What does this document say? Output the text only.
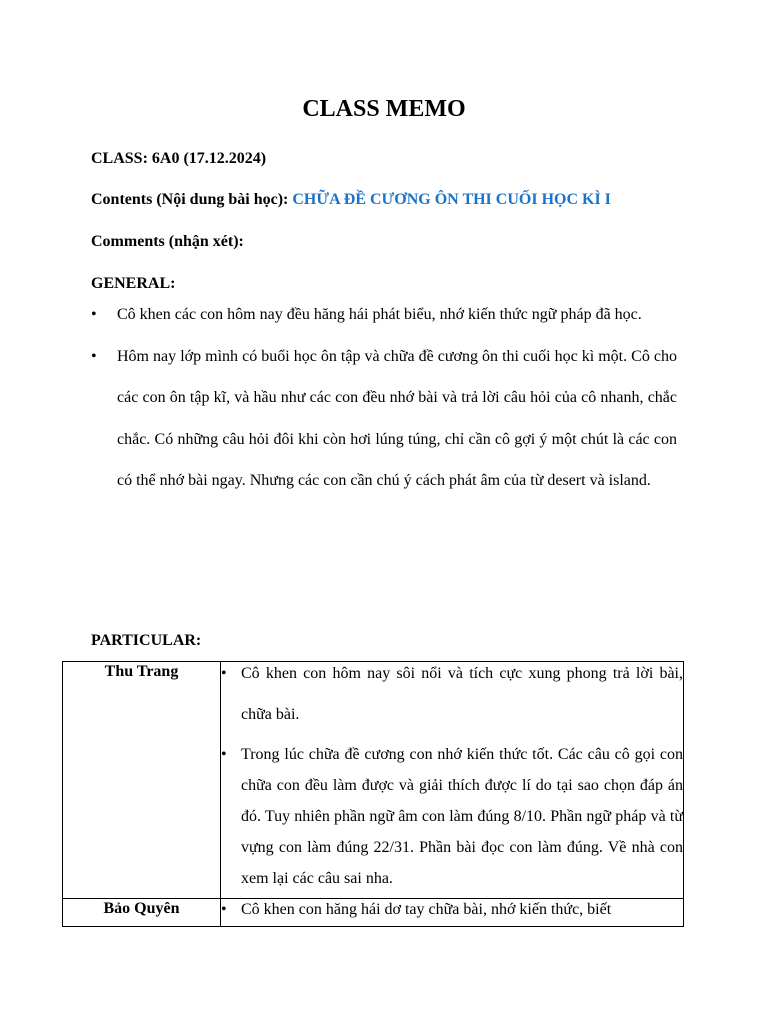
CLASS MEMO
CLASS: 6A0 (17.12.2024)
Contents (Nội dung bài học): CHỮA ĐỀ CƯƠNG ÔN THI CUỐI HỌC KÌ I
Comments (nhận xét):
GENERAL:
• Cô khen các con hôm nay đều hăng hái phát biểu, nhớ kiến thức ngữ pháp đã học.
• Hôm nay lớp mình có buổi học ôn tập và chữa đề cương ôn thi cuối học kì một. Cô cho các con ôn tập kĩ, và hầu như các con đều nhớ bài và trả lời câu hỏi của cô nhanh, chắc chắc. Có những câu hỏi đôi khi còn hơi lúng túng, chỉ cần cô gợi ý một chút là các con có thể nhớ bài ngay. Nhưng các con cần chú ý cách phát âm của từ desert và island.
PARTICULAR:
Thu Trang	• Cô khen con hôm nay sôi nổi và tích cực xung phong trả lời bài, chữa bài.
• Trong lúc chữa đề cương con nhớ kiến thức tốt. Các câu cô gọi con chữa con đều làm được và giải thích được lí do tại sao chọn đáp án đó. Tuy nhiên phần ngữ âm con làm đúng 8/10. Phần ngữ pháp và từ vựng con làm đúng 22/31. Phần bài đọc con làm đúng. Về nhà con xem lại các câu sai nha.

Bảo Quyên	• Cô khen con hăng hái dơ tay chữa bài, nhớ kiến thức, biết
